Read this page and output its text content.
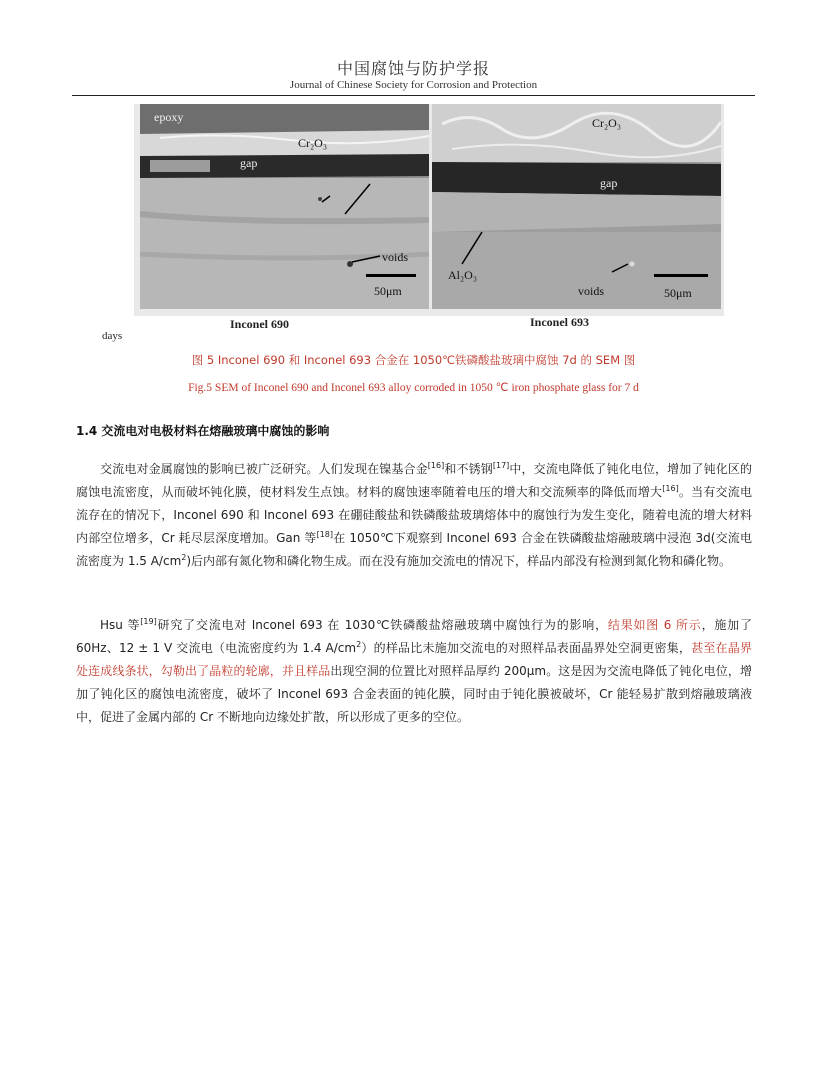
中国腐蚀与防护学报
Journal of Chinese Society for Corrosion and Protection
epoxy
Cr₂O₃
gap
voids
50μm
Cr₂O₃
gap
Al₂O₃
voids	50μm
Inconel 690	Inconel 693
days
图 5 Inconel 690 和 Inconel 693 合金在 1050℃铁磷酸盐玻璃中腐蚀 7d 的 SEM 图
Fig.5 SEM of Inconel 690 and Inconel 693 alloy corroded in 1050 ℃ iron phosphate glass for 7 d
1.4 交流电对电极材料在熔融玻璃中腐蚀的影响
  交流电对金属腐蚀的影响已被广泛研究。人们发现在镍基合金[16]和不锈钢[17]中，交流电降低了钝化电位，增加了钝化区的腐蚀电流密度，从而破坏钝化膜，使材料发生点蚀。材料的腐蚀速率随着电压的增大和交流频率的降低而增大[16]。当有交流电流存在的情况下，Inconel 690 和 Inconel 693 在硼硅酸盐和铁磷酸盐玻璃熔体中的腐蚀行为发生变化，随着电流的增大材料内部空位增多，Cr 耗尽层深度增加。Gan 等[18]在 1050℃下观察到 Inconel 693 合金在铁磷酸盐熔融玻璃中浸泡 3d(交流电流密度为 1.5 $A/cm^2$)后内部有氮化物和磷化物生成。而在没有施加交流电的情况下，样品内部没有检测到氮化物和磷化物。
  Hsu 等[19]研究了交流电对 Inconel 693 在 1030℃铁磷酸盐熔融玻璃中腐蚀行为的影响，结果如图 6 所示，施加了 60Hz、12 ± 1 V 交流电（电流密度约为 1.4 $A/cm^2$）的样品比未施加交流电的对照样品表面晶界处空洞更密集，甚至在晶界处连成线条状，勾勒出了晶粒的轮廓，并且样品出现空洞的位置比对照样品厚约 200μm。这是因为交流电降低了钝化电位，增加了钝化区的腐蚀电流密度，破坏了 Inconel 693 合金表面的钝化膜，同时由于钝化膜被破坏，Cr 能轻易扩散到熔融玻璃液中，促进了金属内部的 Cr 不断地向边缘处扩散，所以形成了更多的空位。
